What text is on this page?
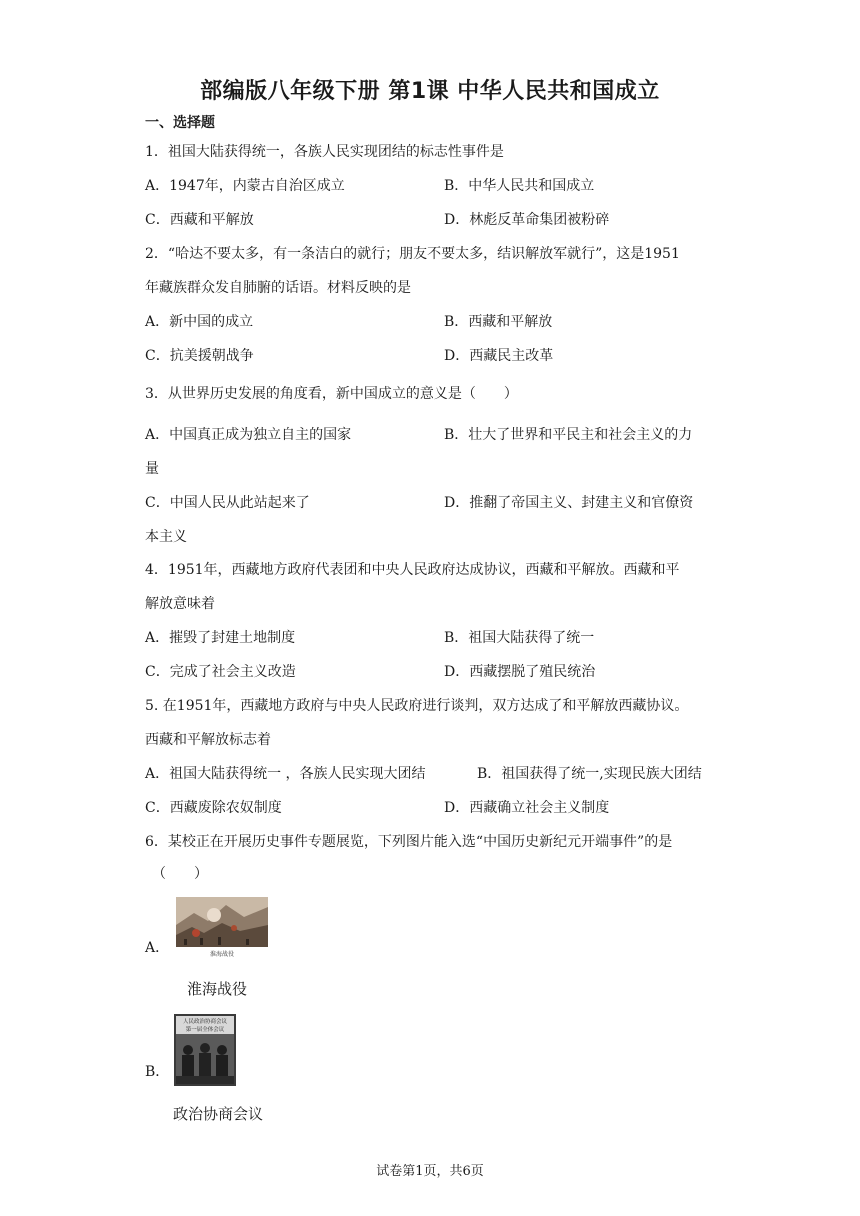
部编版八年级下册 第1课 中华人民共和国成立
一、选择题
1．祖国大陆获得统一，各族人民实现团结的标志性事件是
A．1947年，内蒙古自治区成立	B．中华人民共和国成立
C．西藏和平解放	D．林彪反革命集团被粉碎
2．“哈达不要太多，有一条洁白的就行；朋友不要太多，结识解放军就行”，这是1951
年藏族群众发自肺腑的话语。材料反映的是
A．新中国的成立	B．西藏和平解放
C．抗美援朝战争	D．西藏民主改革
3．从世界历史发展的角度看，新中国成立的意义是（　　）
A．中国真正成为独立自主的国家	B．壮大了世界和平民主和社会主义的力
量
C．中国人民从此站起来了	D．推翻了帝国主义、封建主义和官僚资
本主义
4．1951年，西藏地方政府代表团和中央人民政府达成协议，西藏和平解放。西藏和平
解放意味着
A．摧毁了封建土地制度	B．祖国大陆获得了统一
C．完成了社会主义改造	D．西藏摆脱了殖民统治
5. 在1951年，西藏地方政府与中央人民政府进行谈判，双方达成了和平解放西藏协议。
西藏和平解放标志着
A．祖国大陆获得统一 ，各族人民实现大团结	B．祖国获得了统一,实现民族大团结
C．西藏废除农奴制度	D．西藏确立社会主义制度
6．某校正在开展历史事件专题展览，下列图片能入选“中国历史新纪元开端事件”的是
（　　）
A．	淮海战役
淮海战役
B．
人民政治协商会议
第一届全体会议
政治协商会议
试卷第1页，共6页
